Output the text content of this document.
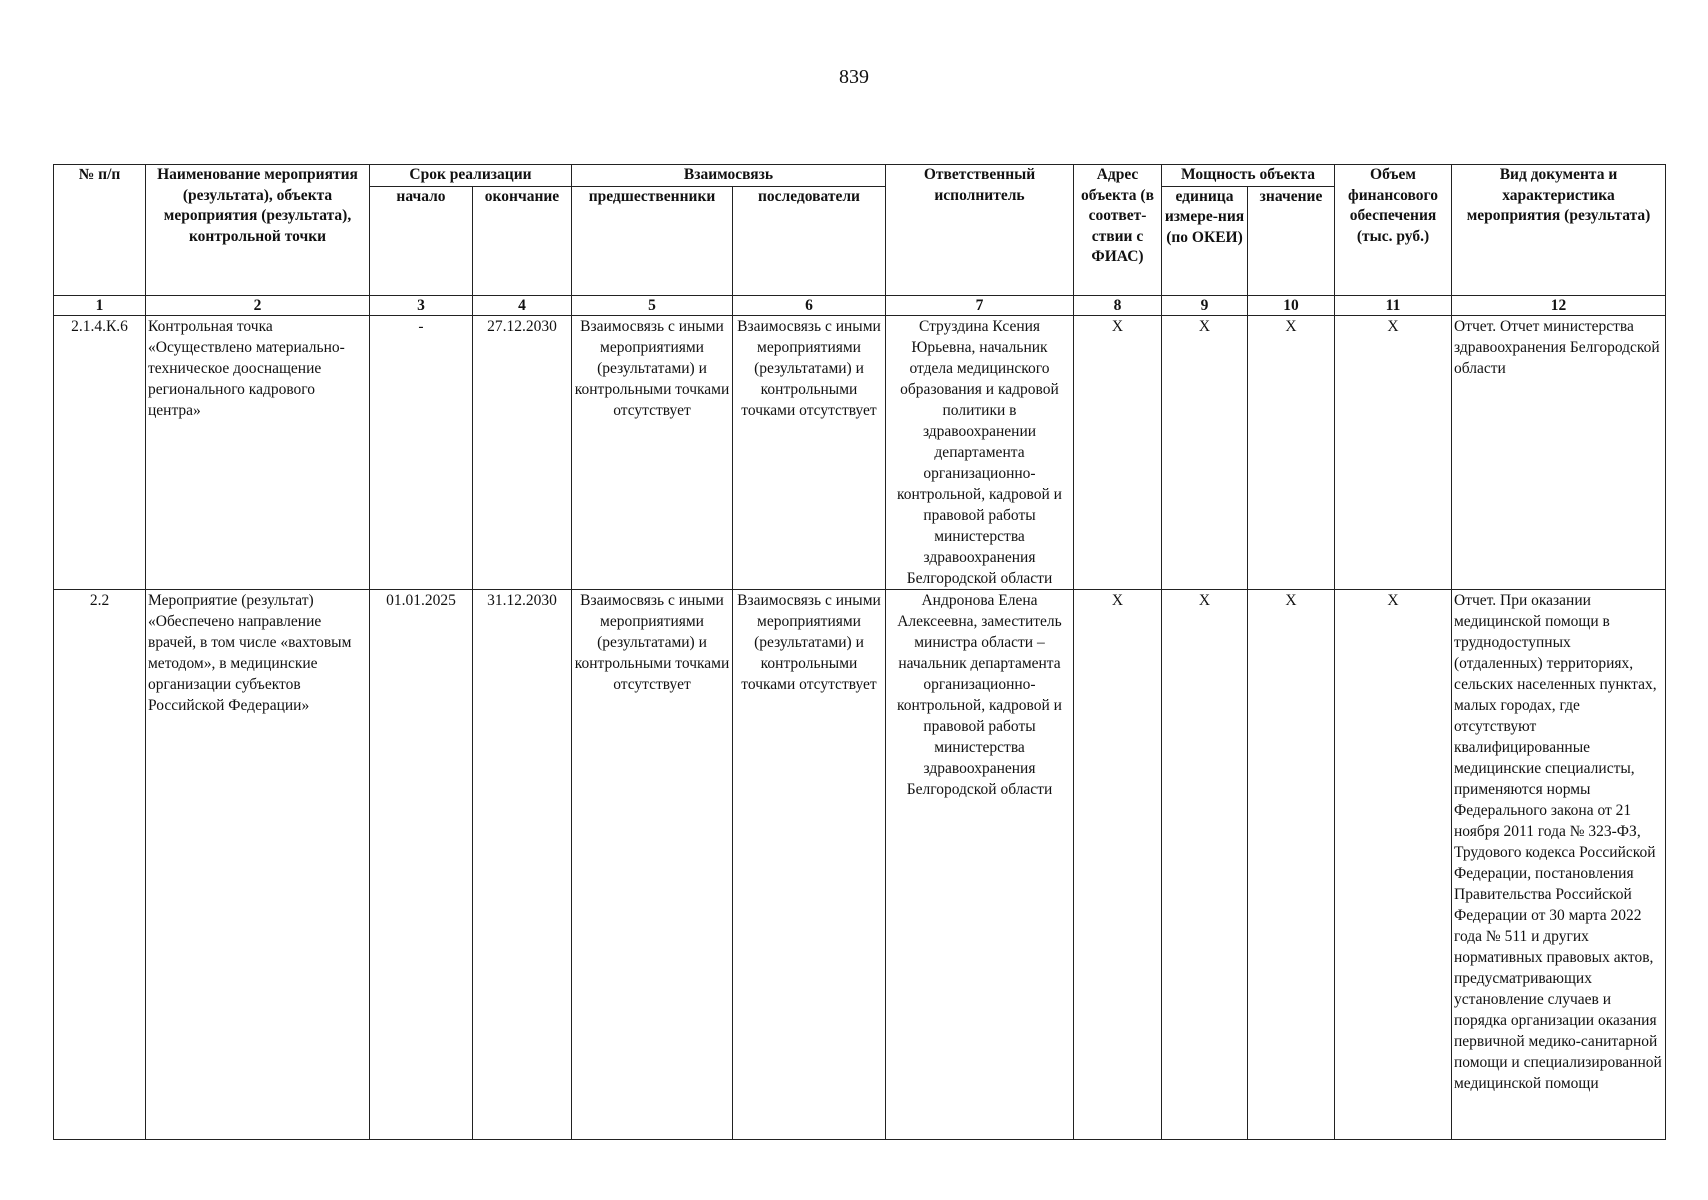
839
№ п/п	Наименование мероприятия (результата), объекта мероприятия (результата), контрольной точки	Срок реализации		Взаимосвязь		Ответственный исполнитель	Адрес объекта (в соответ-ствии с ФИАС)	Мощность объекта		Объем финансового обеспечения (тыс. руб.)	Вид документа и характеристика мероприятия (результата)
		начало	окончание	предшественники	последователи			единица измере-ния (по ОКЕИ)	значение		
1	2	3	4	5	6	7	8	9	10	11	12
2.1.4.К.6	Контрольная точка «Осуществлено материально-техническое дооснащение регионального кадрового центра»	-	27.12.2030	Взаимосвязь с иными мероприятиями (результатами) и контрольными точками отсутствует	Взаимосвязь с иными мероприятиями (результатами) и контрольными точками отсутствует	Струздина Ксения Юрьевна, начальник отдела медицинского образования и кадровой политики в здравоохранении департамента организационно-контрольной, кадровой и правовой работы министерства здравоохранения Белгородской области	X	X	X	X	Отчет. Отчет министерства здравоохранения Белгородской области
2.2	Мероприятие (результат) «Обеспечено направление врачей, в том числе «вахтовым методом», в медицинские организации субъектов Российской Федерации»	01.01.2025	31.12.2030	Взаимосвязь с иными мероприятиями (результатами) и контрольными точками отсутствует	Взаимосвязь с иными мероприятиями (результатами) и контрольными точками отсутствует	Андронова Елена Алексеевна, заместитель министра области – начальник департамента организационно-контрольной, кадровой и правовой работы министерства здравоохранения Белгородской области	X	X	X	X	Отчет. При оказании медицинской помощи в труднодоступных (отдаленных) территориях, сельских населенных пунктах, малых городах, где отсутствуют квалифицированные медицинские специалисты, применяются нормы Федерального закона от 21 ноября 2011 года № 323-ФЗ, Трудового кодекса Российской Федерации, постановления Правительства Российской Федерации от 30 марта 2022 года № 511 и других нормативных правовых актов, предусматривающих установление случаев и порядка организации оказания первичной медико-санитарной помощи и специализированной медицинской помощи
